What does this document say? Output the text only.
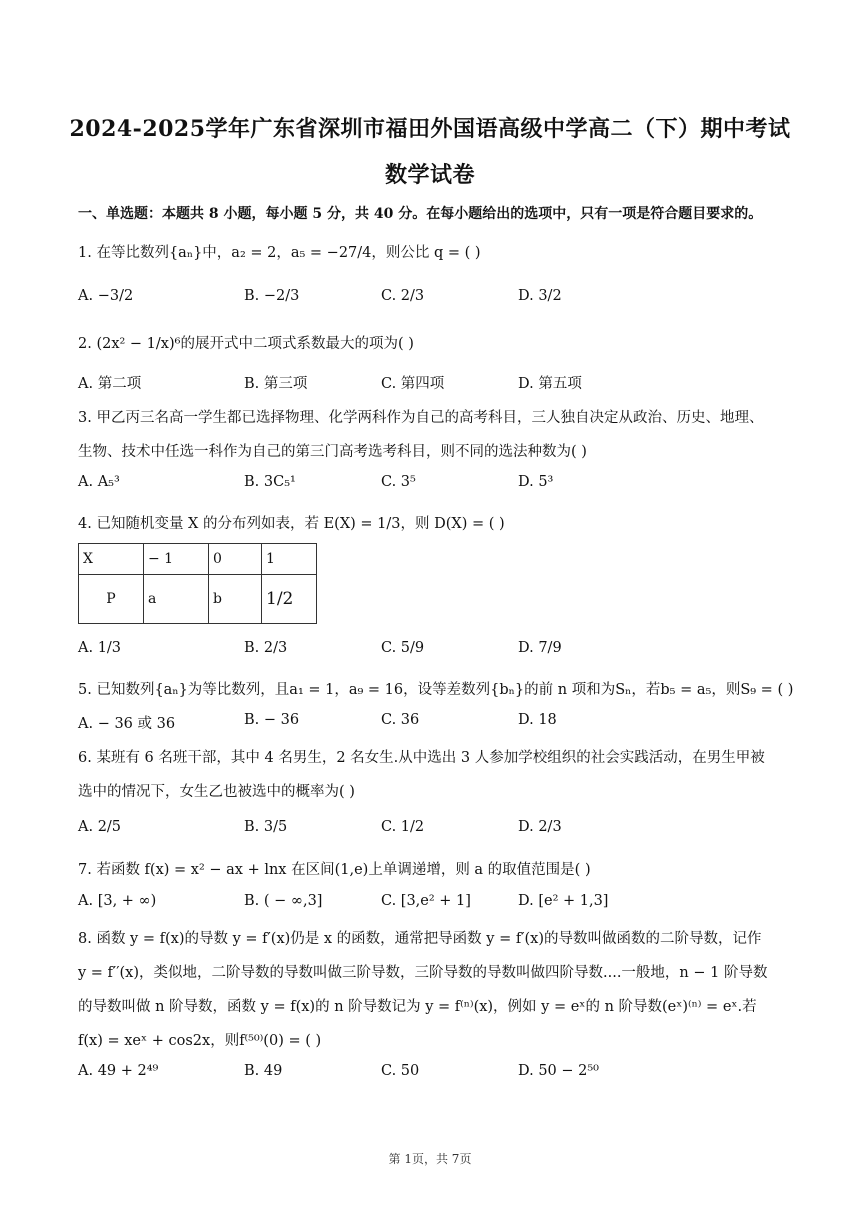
2024-2025学年广东省深圳市福田外国语高级中学高二（下）期中考试
数学试卷
一、单选题：本题共 8 小题，每小题 5 分，共 40 分。在每小题给出的选项中，只有一项是符合题目要求的。
1. 在等比数列{aₙ}中，a₂ = 2，a₅ = −27/4，则公比 q = ( )
A. −3/2	B. −2/3	C. 2/3	D. 3/2
2. (2x² − 1/x)⁶的展开式中二项式系数最大的项为( )
A. 第二项	B. 第三项	C. 第四项	D. 第五项
3. 甲乙丙三名高一学生都已选择物理、化学两科作为自己的高考科目，三人独自决定从政治、历史、地理、
生物、技术中任选一科作为自己的第三门高考选考科目，则不同的选法种数为( )
A. A₅³	B. 3C₅¹	C. 3⁵	D. 5³
4. 已知随机变量 X 的分布列如表，若 E(X) = 1/3，则 D(X) = ( )
X	− 1	0	1
P	a	b	1/2
A. 1/3	B. 2/3	C. 5/9	D. 7/9
5. 已知数列{aₙ}为等比数列，且a₁ = 1，a₉ = 16，设等差数列{bₙ}的前 n 项和为Sₙ，若b₅ = a₅，则S₉ = ( )
A. − 36 或 36	B. − 36	C. 36	D. 18
6. 某班有 6 名班干部，其中 4 名男生，2 名女生.从中选出 3 人参加学校组织的社会实践活动，在男生甲被
选中的情况下，女生乙也被选中的概率为( )
A. 2/5	B. 3/5	C. 1/2	D. 2/3
7. 若函数 f(x) = x² − ax + lnx 在区间(1,e)上单调递增，则 a 的取值范围是( )
A. [3, + ∞)	B. ( − ∞,3]	C. [3,e² + 1]	D. [e² + 1,3]
8. 函数 y = f(x)的导数 y = f′(x)仍是 x 的函数，通常把导函数 y = f′(x)的导数叫做函数的二阶导数，记作
y = f′′(x)，类似地，二阶导数的导数叫做三阶导数，三阶导数的导数叫做四阶导数....一般地，n − 1 阶导数
的导数叫做 n 阶导数，函数 y = f(x)的 n 阶导数记为 y = f⁽ⁿ⁾(x)，例如 y = eˣ的 n 阶导数(eˣ)⁽ⁿ⁾ = eˣ.若
f(x) = xeˣ + cos2x，则f⁽⁵⁰⁾(0) = ( )
A. 49 + 2⁴⁹	B. 49	C. 50	D. 50 − 2⁵⁰
第 1页，共 7页
